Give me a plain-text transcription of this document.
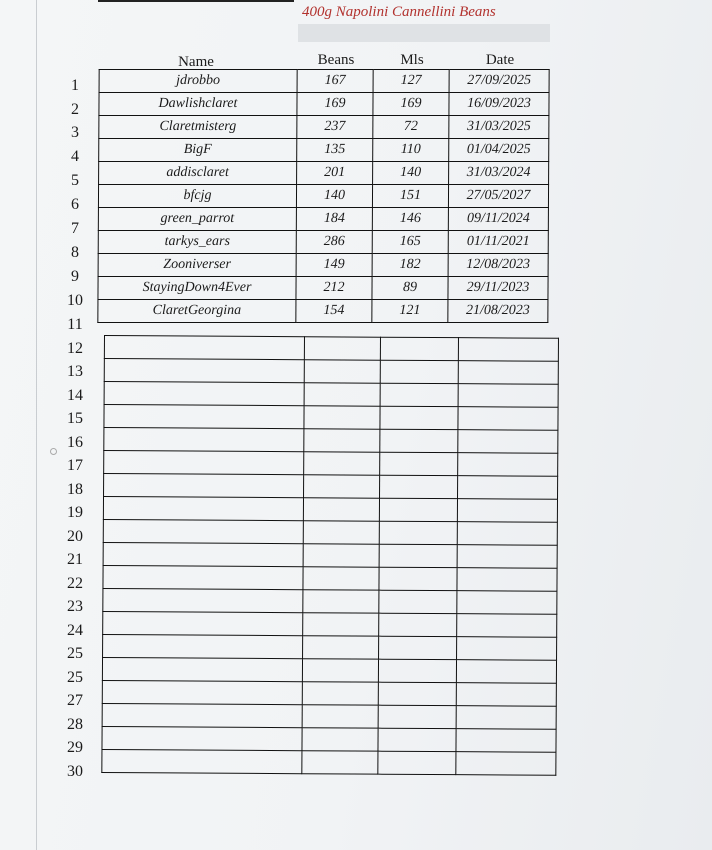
400g Napolini Cannellini Beans
Name	Beans	Mls	Date
1
2
3
4
5
6
7
8
9
10
11
12
13
14
15
16
17
18
19
20
21
22
23
24
25
25
27
28
29
30
jdrobbo	167	127	27/09/2025
Dawlishclaret	169	169	16/09/2023
Claretmisterg	237	72	31/03/2025
BigF	135	110	01/04/2025
addisclaret	201	140	31/03/2024
bfcjg	140	151	27/05/2027
green_parrot	184	146	09/11/2024
tarkys_ears	286	165	01/11/2021
Zooniverser	149	182	12/08/2023
StayingDown4Ever	212	89	29/11/2023
ClaretGeorgina	154	121	21/08/2023
